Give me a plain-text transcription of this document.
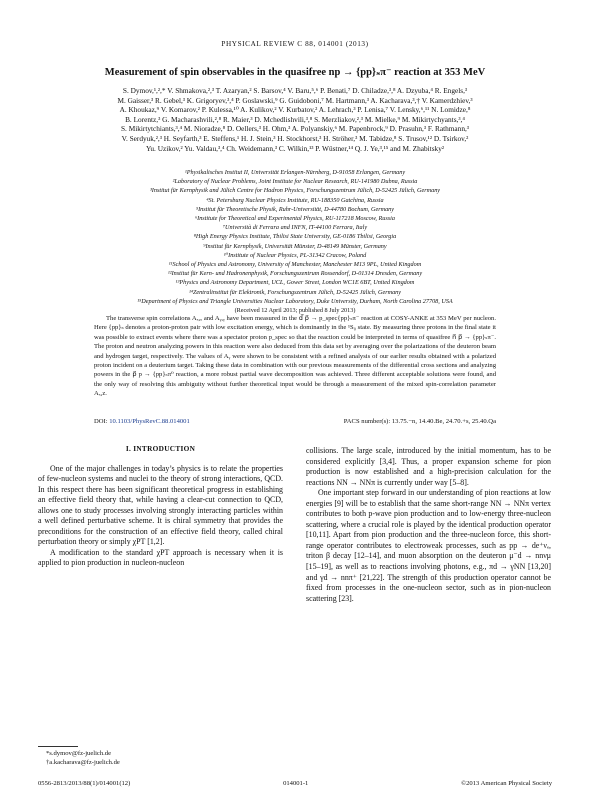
PHYSICAL REVIEW C 88, 014001 (2013)
Measurement of spin observables in the quasifree np → {pp}ₛπ⁻ reaction at 353 MeV
S. Dymov,¹,²,* V. Shmakova,²,³ T. Azaryan,² S. Barsov,⁴ V. Baru,⁵,⁶ P. Benati,⁷ D. Chiladze,³,⁸ A. Dzyuba,⁴ R. Engels,³
M. Gaisser,³ R. Gebel,³ K. Grigoryev,³,⁴ P. Goslawski,⁹ G. Guidoboni,⁷ M. Hartmann,³ A. Kacharava,³,† V. Kamerdzhiev,³
A. Khoukaz,⁹ V. Komarov,² P. Kulessa,¹⁰ A. Kulikov,² V. Kurbatov,² A. Lehrach,³ P. Lenisa,⁷ V. Lensky,⁶,¹¹ N. Lomidze,⁸
B. Lorentz,³ G. Macharashvili,²,⁸ R. Maier,³ D. Mchedlishvili,³,⁸ S. Merzliakov,²,³ M. Mielke,⁹ M. Mikirtychyants,³,⁴
S. Mikirtytchiants,³,⁴ M. Nioradze,⁸ D. Oellers,³ H. Ohm,³ A. Polyanskiy,⁶ M. Papenbrock,⁹ D. Prasuhn,³ F. Rathmann,³
V. Serdyuk,²,³ H. Seyfarth,³ E. Steffens,¹ H. J. Stein,³ H. Stockhorst,³ H. Ströher,³ M. Tabidze,⁸ S. Trusov,¹² D. Tsirkov,²
Yu. Uzikov,² Yu. Valdau,³,⁴ Ch. Weidemann,³ C. Wilkin,¹³ P. Wüstner,¹⁴ Q. J. Ye,³,¹⁵ and M. Zhabitsky²
¹Physikalisches Institut II, Universität Erlangen-Nürnberg, D-91058 Erlangen, Germany
²Laboratory of Nuclear Problems, Joint Institute for Nuclear Research, RU-141980 Dubna, Russia
³Institut für Kernphysik and Jülich Centre for Hadron Physics, Forschungszentrum Jülich, D-52425 Jülich, Germany
⁴St. Petersburg Nuclear Physics Institute, RU-188350 Gatchina, Russia
⁵Institut für Theoretische Physik, Ruhr-Universität, D-44780 Bochum, Germany
⁶Institute for Theoretical and Experimental Physics, RU-117218 Moscow, Russia
⁷Università di Ferrara and INFN, IT-44100 Ferrara, Italy
⁸High Energy Physics Institute, Tbilisi State University, GE-0186 Tbilisi, Georgia
⁹Institut für Kernphysik, Universität Münster, D-48149 Münster, Germany
¹⁰Institute of Nuclear Physics, PL-31342 Cracow, Poland
¹¹School of Physics and Astronomy, University of Manchester, Manchester M13 9PL, United Kingdom
¹²Institut für Kern- und Hadronenphysik, Forschungszentrum Rossendorf, D-01314 Dresden, Germany
¹³Physics and Astronomy Department, UCL, Gower Street, London WC1E 6BT, United Kingdom
¹⁴Zentralinstitut für Elektronik, Forschungszentrum Jülich, D-52425 Jülich, Germany
¹⁵Department of Physics and Triangle Universities Nuclear Laboratory, Duke University, Durham, North Carolina 27708, USA
(Received 12 April 2013; published 8 July 2013)

The transverse spin correlations Aₓ,ₓ and Aᵧ,ᵧ have been measured in the d⃗ p⃗ → p_spec{pp}ₛπ⁻ reaction at COSY-ANKE at 353 MeV per nucleon. Here {pp}ₛ denotes a proton-proton pair with low excitation energy, which is dominantly in the ¹S₀ state. By measuring three protons in the final state it was possible to extract events where there was a spectator proton p_spec so that the reaction could be interpreted in terms of quasifree n⃗ p⃗ → {pp}ₛπ⁻. The proton and neutron analyzing powers in this reaction were also deduced from this data set by averaging over the polarizations of the deuteron beam and hydrogen target, respectively. The values of Aᵧ were shown to be consistent with a refined analysis of our earlier results obtained with a polarized proton incident on a deuterium target. Taking these data in combination with our previous measurements of the differential cross sections and analyzing powers in the p⃗ p → {pp}ₛπ⁰ reaction, a more robust partial wave decomposition was achieved. Three different acceptable solutions were found, and the only way of resolving this ambiguity without further theoretical input would be through a measurement of the mixed spin-correlation parameter Aₓ,z.

DOI: 10.1103/PhysRevC.88.014001	PACS number(s): 13.75.−n, 14.40.Be, 24.70.+s, 25.40.Qa
I. INTRODUCTION

One of the major challenges in today’s physics is to relate the properties of few-nucleon systems and nuclei to the theory of strong interactions, QCD. In this respect there has been significant theoretical progress in establishing an effective field theory that, while having a clear-cut connection to QCD, allows one to study processes involving strongly interacting particles within a well defined perturbative scheme. It is chiral symmetry that provides the preconditions for the construction of an effective field theory, called chiral perturbation theory or simply χPT [1,2].

A modification to the standard χPT approach is necessary when it is applied to pion production in nucleon-nucleon

collisions. The large scale, introduced by the initial momentum, has to be considered explicitly [3,4]. Thus, a proper expansion scheme for pion production is now established and a high-precision calculation for the reactions NN → NNπ is currently under way [5–8].

One important step forward in our understanding of pion reactions at low energies [9] will be to establish that the same short-range NN → NNπ vertex contributes to both p-wave pion production and to low-energy three-nucleon scattering, where a crucial role is played by the identical production operator [10,11]. Apart from pion production and the three-nucleon force, this short-range operator contributes to electroweak processes, such as pp → de⁺νₑ, triton β decay [12–14], and muon absorption on the deuteron μ⁻d → nnνμ [15–19], as well as to reactions involving photons, e.g., πd → γNN [13,20] and γd → nnπ⁺ [21,22]. The strength of this production operator cannot be fixed from processes in the one-nucleon sector, such as in pion-nucleon scattering [23].

*s.dymov@fz-juelich.de
†a.kacharava@fz-juelich.de
0556-2813/2013/88(1)/014001(12)	014001-1	©2013 American Physical Society
